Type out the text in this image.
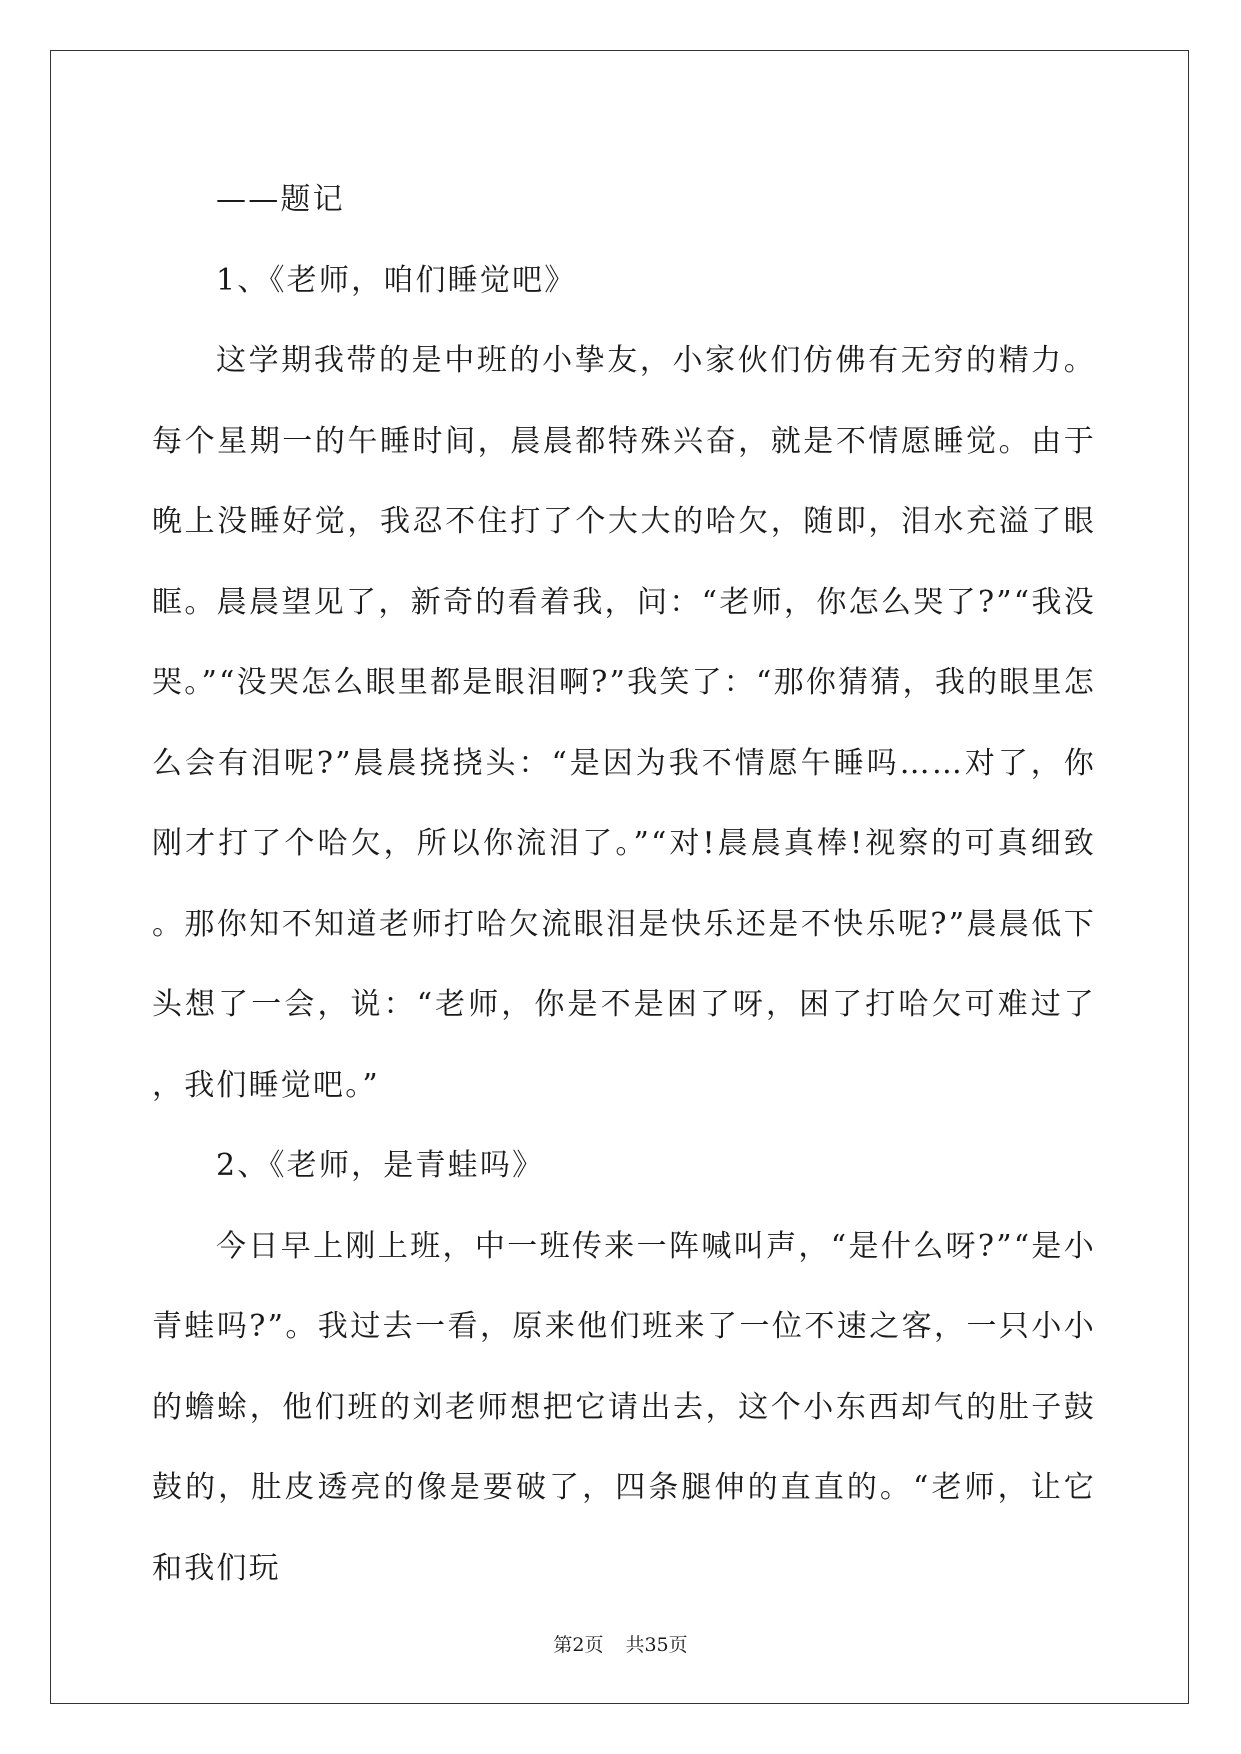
——题记

1、《老师，咱们睡觉吧》

这学期我带的是中班的小挚友，小家伙们仿佛有无穷的精力。每个星期一的午睡时间，晨晨都特殊兴奋，就是不情愿睡觉。由于晚上没睡好觉，我忍不住打了个大大的哈欠，随即，泪水充溢了眼眶。晨晨望见了，新奇的看着我，问：“老师，你怎么哭了?”“我没哭。”“没哭怎么眼里都是眼泪啊?”我笑了：“那你猜猜，我的眼里怎么会有泪呢?”晨晨挠挠头：“是因为我不情愿午睡吗……对了，你刚才打了个哈欠，所以你流泪了。”“对!晨晨真棒!视察的可真细致。那你知不知道老师打哈欠流眼泪是快乐还是不快乐呢?”晨晨低下头想了一会，说：“老师，你是不是困了呀，困了打哈欠可难过了，我们睡觉吧。”

2、《老师，是青蛙吗》

今日早上刚上班，中一班传来一阵喊叫声，“是什么呀?”“是小青蛙吗?”。我过去一看，原来他们班来了一位不速之客，一只小小的蟾蜍，他们班的刘老师想把它请出去，这个小东西却气的肚子鼓鼓的，肚皮透亮的像是要破了，四条腿伸的直直的。“老师，让它和我们玩

第2页 共35页
